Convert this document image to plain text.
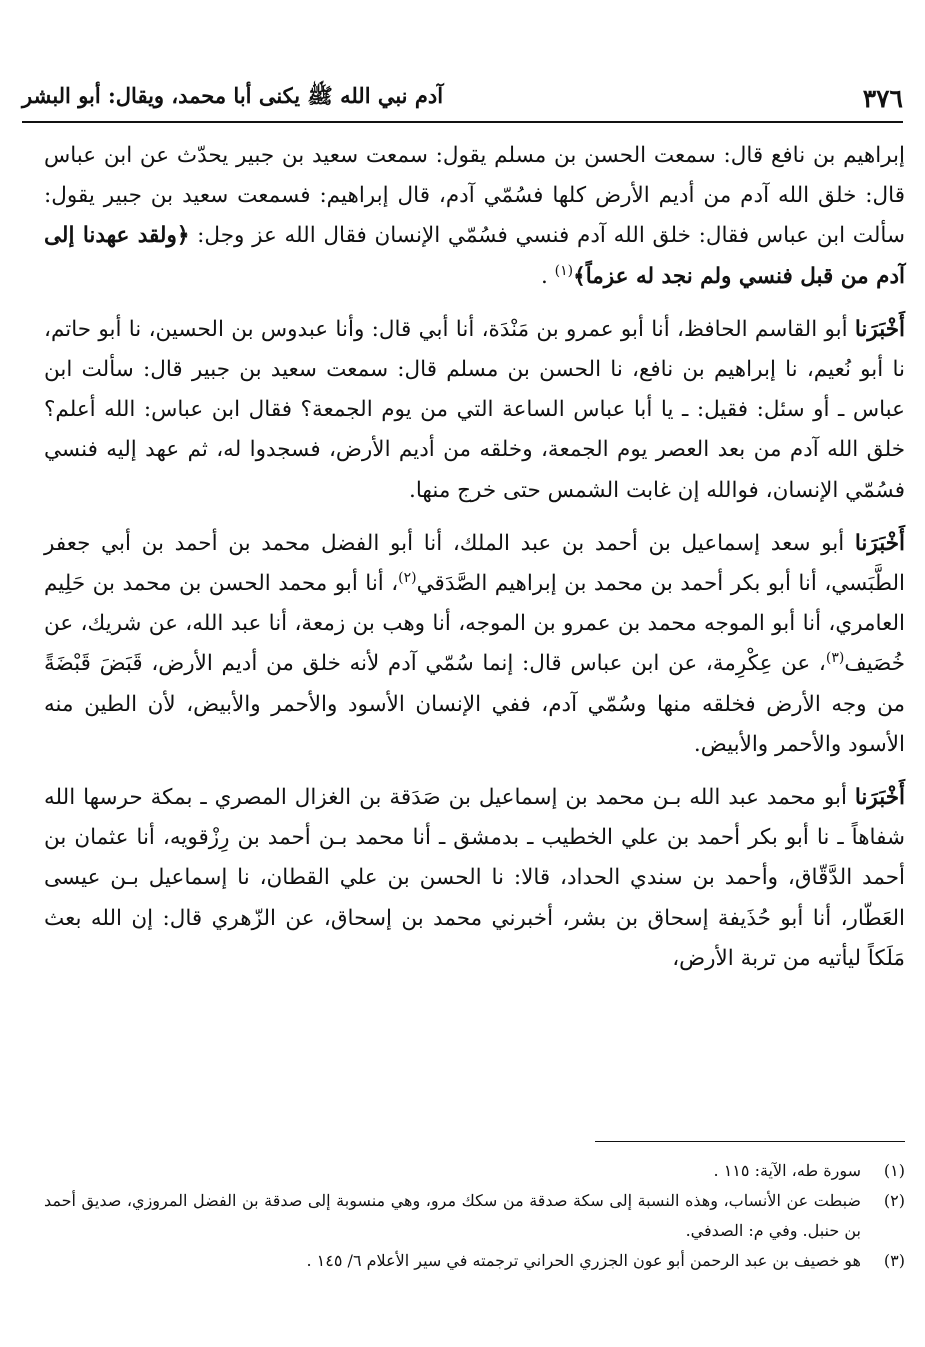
٣٧٦
آدم نبي الله ﷺ يكنى أبا محمد، ويقال: أبو البشر

إبراهيم بن نافع قال: سمعت الحسن بن مسلم يقول: سمعت سعيد بن جبير يحدّث عن ابن عباس قال: خلق الله آدم من أديم الأرض كلها فسُمّي آدم، قال إبراهيم: فسمعت سعيد بن جبير يقول: سألت ابن عباس فقال: خلق الله آدم فنسي فسُمّي الإنسان فقال الله عز وجل: ﴿ولقد عهدنا إلى آدم من قبل فنسي ولم نجد له عزماً﴾$^{(١)}$ .

أَخْبَرَنا أبو القاسم الحافظ، أنا أبو عمرو بن مَنْدَة، أنا أبي قال: وأنا عبدوس بن الحسين، نا أبو حاتم، نا أبو نُعيم، نا إبراهيم بن نافع، نا الحسن بن مسلم قال: سمعت سعيد بن جبير قال: سألت ابن عباس ـ أو سئل: فقيل: ـ يا أبا عباس الساعة التي من يوم الجمعة؟ فقال ابن عباس: الله أعلم؟ خلق الله آدم من بعد العصر يوم الجمعة، وخلقه من أديم الأرض، فسجدوا له، ثم عهد إليه فنسي فسُمّي الإنسان، فوالله إن غابت الشمس حتى خرج منها.

أَخْبَرَنا أبو سعد إسماعيل بن أحمد بن عبد الملك، أنا أبو الفضل محمد بن أحمد بن أبي جعفر الطَّبَسي، أنا أبو بكر أحمد بن محمد بن إبراهيم الصَّدَقي$^{(٢)}$، أنا أبو محمد الحسن بن محمد بن حَلِيم العامري، أنا أبو الموجه محمد بن عمرو بن الموجه، أنا وهب بن زمعة، أنا عبد الله، عن شريك، عن خُصَيف$^{(٣)}$، عن عِكْرِمة، عن ابن عباس قال: إنما سُمّي آدم لأنه خلق من أديم الأرض، قَبَضَ قَبْضَةً من وجه الأرض فخلقه منها وسُمّي آدم، ففي الإنسان الأسود والأحمر والأبيض، لأن الطين منه الأسود والأحمر والأبيض.

أَخْبَرَنا أبو محمد عبد الله بـن محمد بن إسماعيل بن صَدَقة بن الغزال المصري ـ بمكة حرسها الله شفاهاً ـ نا أبو بكر أحمد بن علي الخطيب ـ بدمشق ـ أنا محمد بـن أحمد بن رِزْقويه، أنا عثمان بن أحمد الدَّقّاق، وأحمد بن سندي الحداد، قالا: نا الحسن بن علي القطان، نا إسماعيل بـن عيسى العَطّار، أنا أبو حُذَيفة إسحاق بن بشر، أخبرني محمد بن إسحاق، عن الزّهري قال: إن الله بعث مَلَكاً ليأتيه من تربة الأرض،

(١)
سورة طه، الآية: ١١٥ .
(٢)
ضبطت عن الأنساب، وهذه النسبة إلى سكة صدقة من سكك مرو، وهي منسوبة إلى صدقة بن الفضل المروزي، صديق أحمد بن حنبل. وفي م: الصدفي.
(٣)
هو خصيف بن عبد الرحمن أبو عون الجزري الحراني ترجمته في سير الأعلام ٦/ ١٤٥ .
